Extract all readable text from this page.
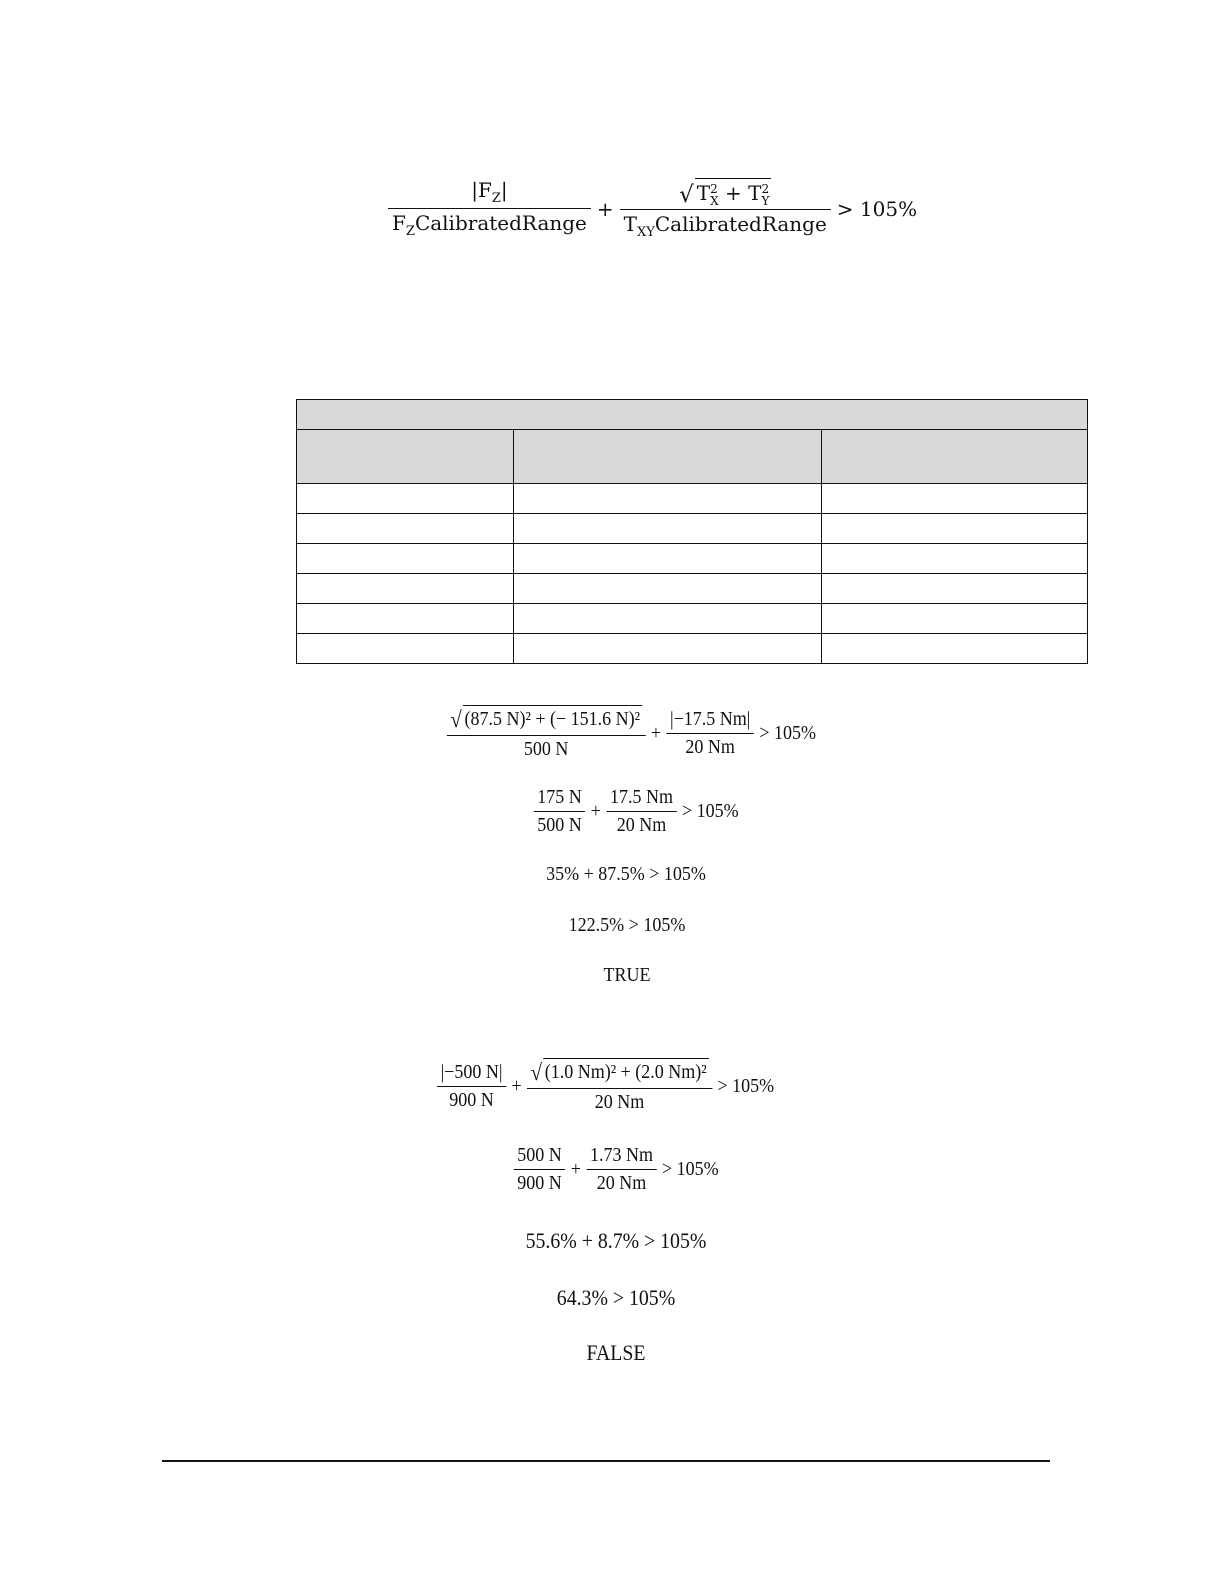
$\frac{|F_Z|}{F_ZCalibratedRange}$ + √ T 2
X + T 2
Y
$T_{XY}CalibratedRange > 105\%$

$\frac{\text{√ (87.5 N)² + (− 151.6 N)²}}{500 N} + \frac{|-17.5 Nm|}{20 Nm} > 105\%$
$\frac{175 N}{500 N} + \frac{17.5 Nm}{20 Nm} > 105\%$
35% + 87.5% > 105%
122.5% > 105%
TRUE
$\frac{|-500 N|}{900 N} + \frac{\text{√ (1.0 Nm)² + (2.0 Nm)²}}{20 Nm} > 105\%$
$\frac{500 N}{900 N} + \frac{1.73 Nm}{20 Nm} > 105\%$
55.6% + 8.7% > 105%
64.3% > 105%
FALSE
